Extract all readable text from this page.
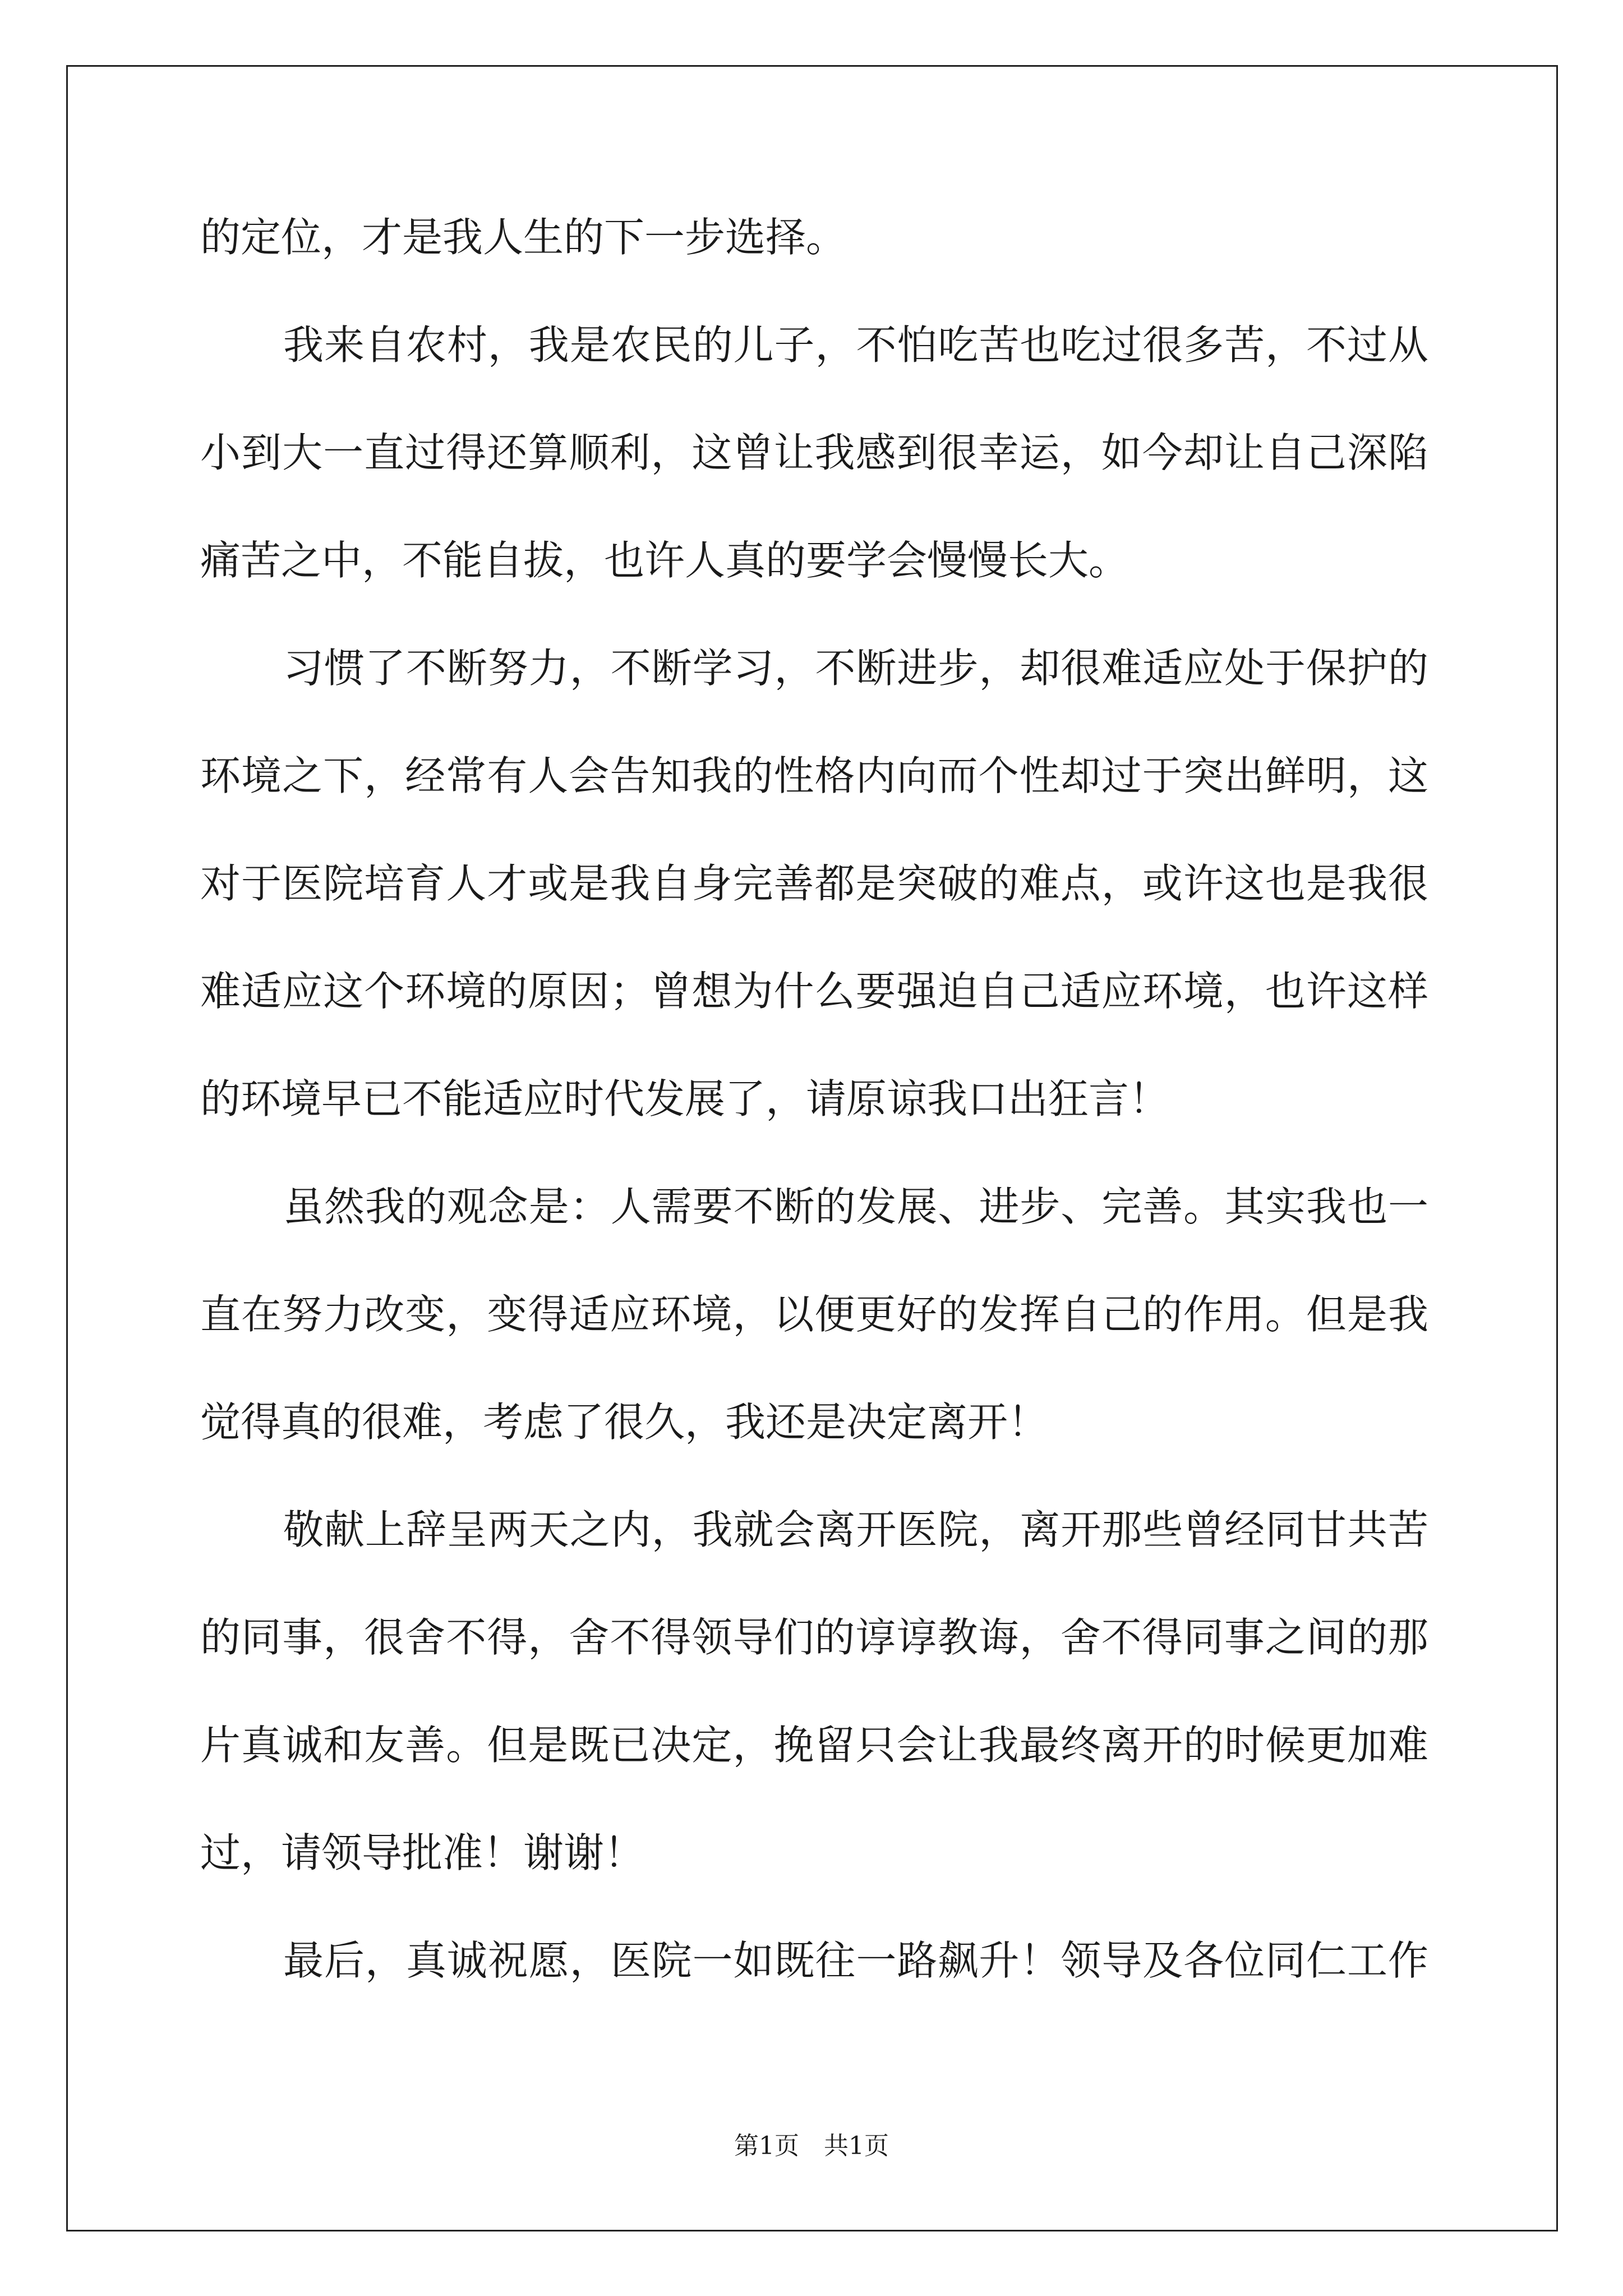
的定位，才是我人生的下一步选择。
我来自农村，我是农民的儿子，不怕吃苦也吃过很多苦，不过从
小到大一直过得还算顺利，这曾让我感到很幸运，如今却让自己深陷
痛苦之中，不能自拔，也许人真的要学会慢慢长大。
习惯了不断努力，不断学习，不断进步，却很难适应处于保护的
环境之下，经常有人会告知我的性格内向而个性却过于突出鲜明，这
对于医院培育人才或是我自身完善都是突破的难点，或许这也是我很
难适应这个环境的原因；曾想为什么要强迫自己适应环境，也许这样
的环境早已不能适应时代发展了，请原谅我口出狂言！
虽然我的观念是：人需要不断的发展、进步、完善。其实我也一
直在努力改变，变得适应环境，以便更好的发挥自己的作用。但是我
觉得真的很难，考虑了很久，我还是决定离开！
敬献上辞呈两天之内，我就会离开医院，离开那些曾经同甘共苦
的同事，很舍不得，舍不得领导们的谆谆教诲，舍不得同事之间的那
片真诚和友善。但是既已决定，挽留只会让我最终离开的时候更加难
过，请领导批准！谢谢！
最后，真诚祝愿，医院一如既往一路飙升！领导及各位同仁工作
第1页　共1页
